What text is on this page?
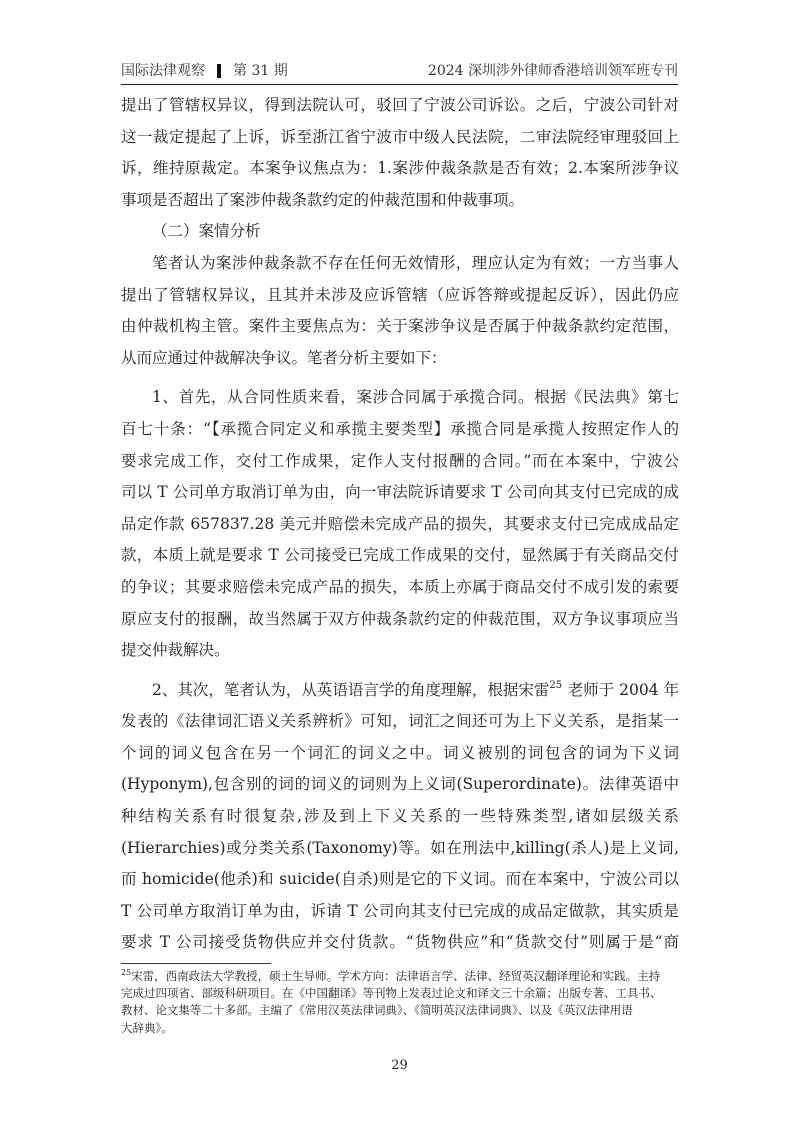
国际法律观察 第 31 期	2024 深圳涉外律师香港培训领军班专刊
提出了管辖权异议，得到法院认可，驳回了宁波公司诉讼。之后，宁波公司针对
这一裁定提起了上诉，诉至浙江省宁波市中级人民法院，二审法院经审理驳回上
诉，维持原裁定。本案争议焦点为：1.案涉仲裁条款是否有效；2.本案所涉争议
事项是否超出了案涉仲裁条款约定的仲裁范围和仲裁事项。
（二）案情分析
笔者认为案涉仲裁条款不存在任何无效情形，理应认定为有效；一方当事人
提出了管辖权异议，且其并未涉及应诉管辖（应诉答辩或提起反诉），因此仍应
由仲裁机构主管。案件主要焦点为：关于案涉争议是否属于仲裁条款约定范围，
从而应通过仲裁解决争议。笔者分析主要如下：
1、首先，从合同性质来看，案涉合同属于承揽合同。根据《民法典》第七
百七十条：“【承揽合同定义和承揽主要类型】承揽合同是承揽人按照定作人的
要求完成工作，交付工作成果，定作人支付报酬的合同。”而在本案中，宁波公
司以 T 公司单方取消订单为由，向一审法院诉请要求 T 公司向其支付已完成的成
品定作款 657837.28 美元并赔偿未完成产品的损失，其要求支付已完成成品定
款，本质上就是要求 T 公司接受已完成工作成果的交付，显然属于有关商品交付
的争议；其要求赔偿未完成产品的损失，本质上亦属于商品交付不成引发的索要
原应支付的报酬，故当然属于双方仲裁条款约定的仲裁范围，双方争议事项应当
提交仲裁解决。
2、其次，笔者认为，从英语语言学的角度理解，根据宋雷$^{25}$ 老师于 2004 年
发表的《法律词汇语义关系辨析》可知，词汇之间还可为上下义关系，是指某一
个词的词义包含在另一个词汇的词义之中。词义被别的词包含的词为下义词
(Hyponym),包含别的词的词义的词则为上义词(Superordinate)。法律英语中
种结构关系有时很复杂,涉及到上下义关系的一些特殊类型,诸如层级关系
(Hierarchies)或分类关系(Taxonomy)等。如在刑法中,killing(杀人)是上义词,
而 homicide(他杀)和 suicide(自杀)则是它的下义词。而在本案中，宁波公司以
T 公司单方取消订单为由，诉请 T 公司向其支付已完成的成品定做款，其实质是
要求 T 公司接受货物供应并交付货款。“货物供应”和“货款交付”则属于是“商
$^{25}$宋雷，西南政法大学教授，硕士生导师。学术方向：法律语言学、法律、经贸英汉翻译理论和实践。主持
完成过四项省、部级科研项目。在《中国翻译》等刊物上发表过论文和译文三十余篇；出版专著、工具书、
教材、论文集等二十多部。主编了《常用汉英法律词典》、《简明英汉法律词典》、以及《英汉法律用语
大辞典》。
29
